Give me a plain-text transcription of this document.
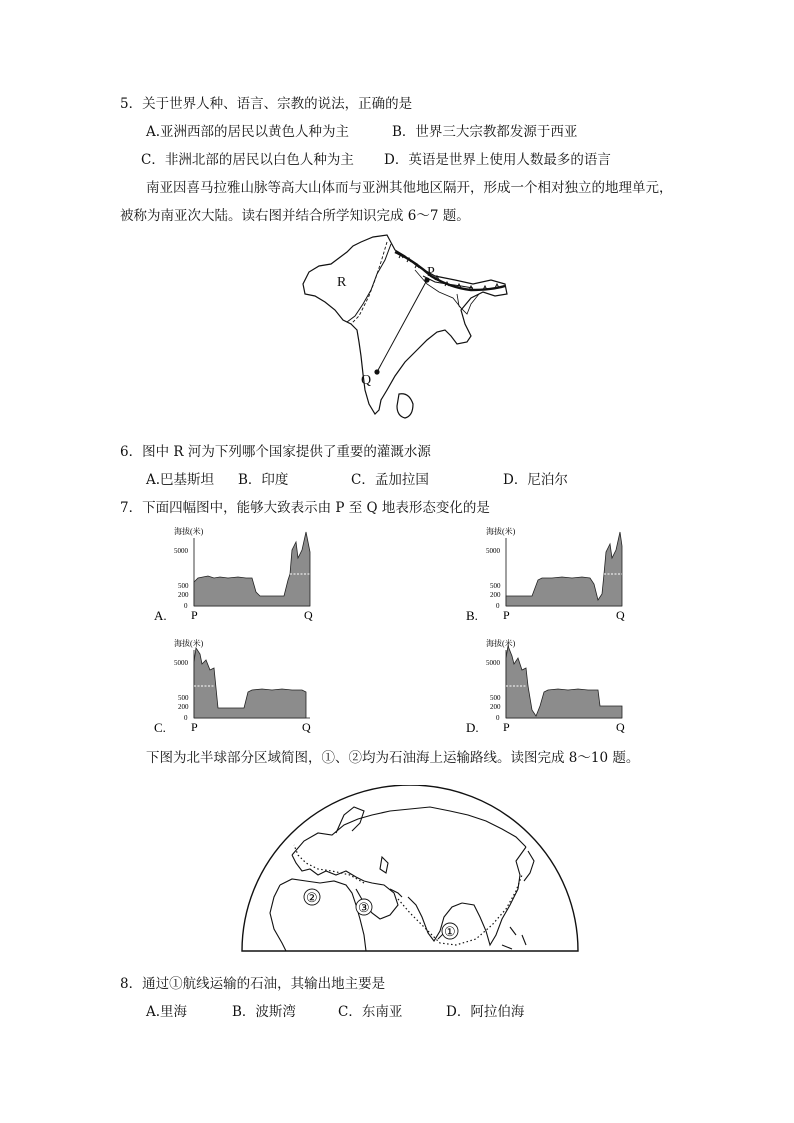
5．关于世界人种、语言、宗教的说法，正确的是
A.亚洲西部的居民以黄色人种为主	B．世界三大宗教都发源于西亚
C．非洲北部的居民以白色人种为主 D．英语是世界上使用人数最多的语言
南亚因喜马拉雅山脉等高大山体而与亚洲其他地区隔开，形成一个相对独立的地理单元，
被称为南亚次大陆。读右图并结合所学知识完成 6～7 题。
P
Q
R
6．图中 R 河为下列哪个国家提供了重要的灌溉水源
A.巴基斯坦 B．印度	C．孟加拉国	D．尼泊尔
7．下面四幅图中，能够大致表示由 P 至 Q 地表形态变化的是
海拔(米)
5000
500
200
0
P	Q
A.
海拔(米)
5000
500
200
0
P	Q
B.
海拔(米)
5000
500
200
0
P	Q
C.
海拔(米)
5000
500
200
0
P	Q
D.
下图为北半球部分区域简图，①、②均为石油海上运输路线。读图完成 8～10 题。
②
③
①
8．通过①航线运输的石油，其输出地主要是
A.里海	B．波斯湾	C．东南亚	D．阿拉伯海
